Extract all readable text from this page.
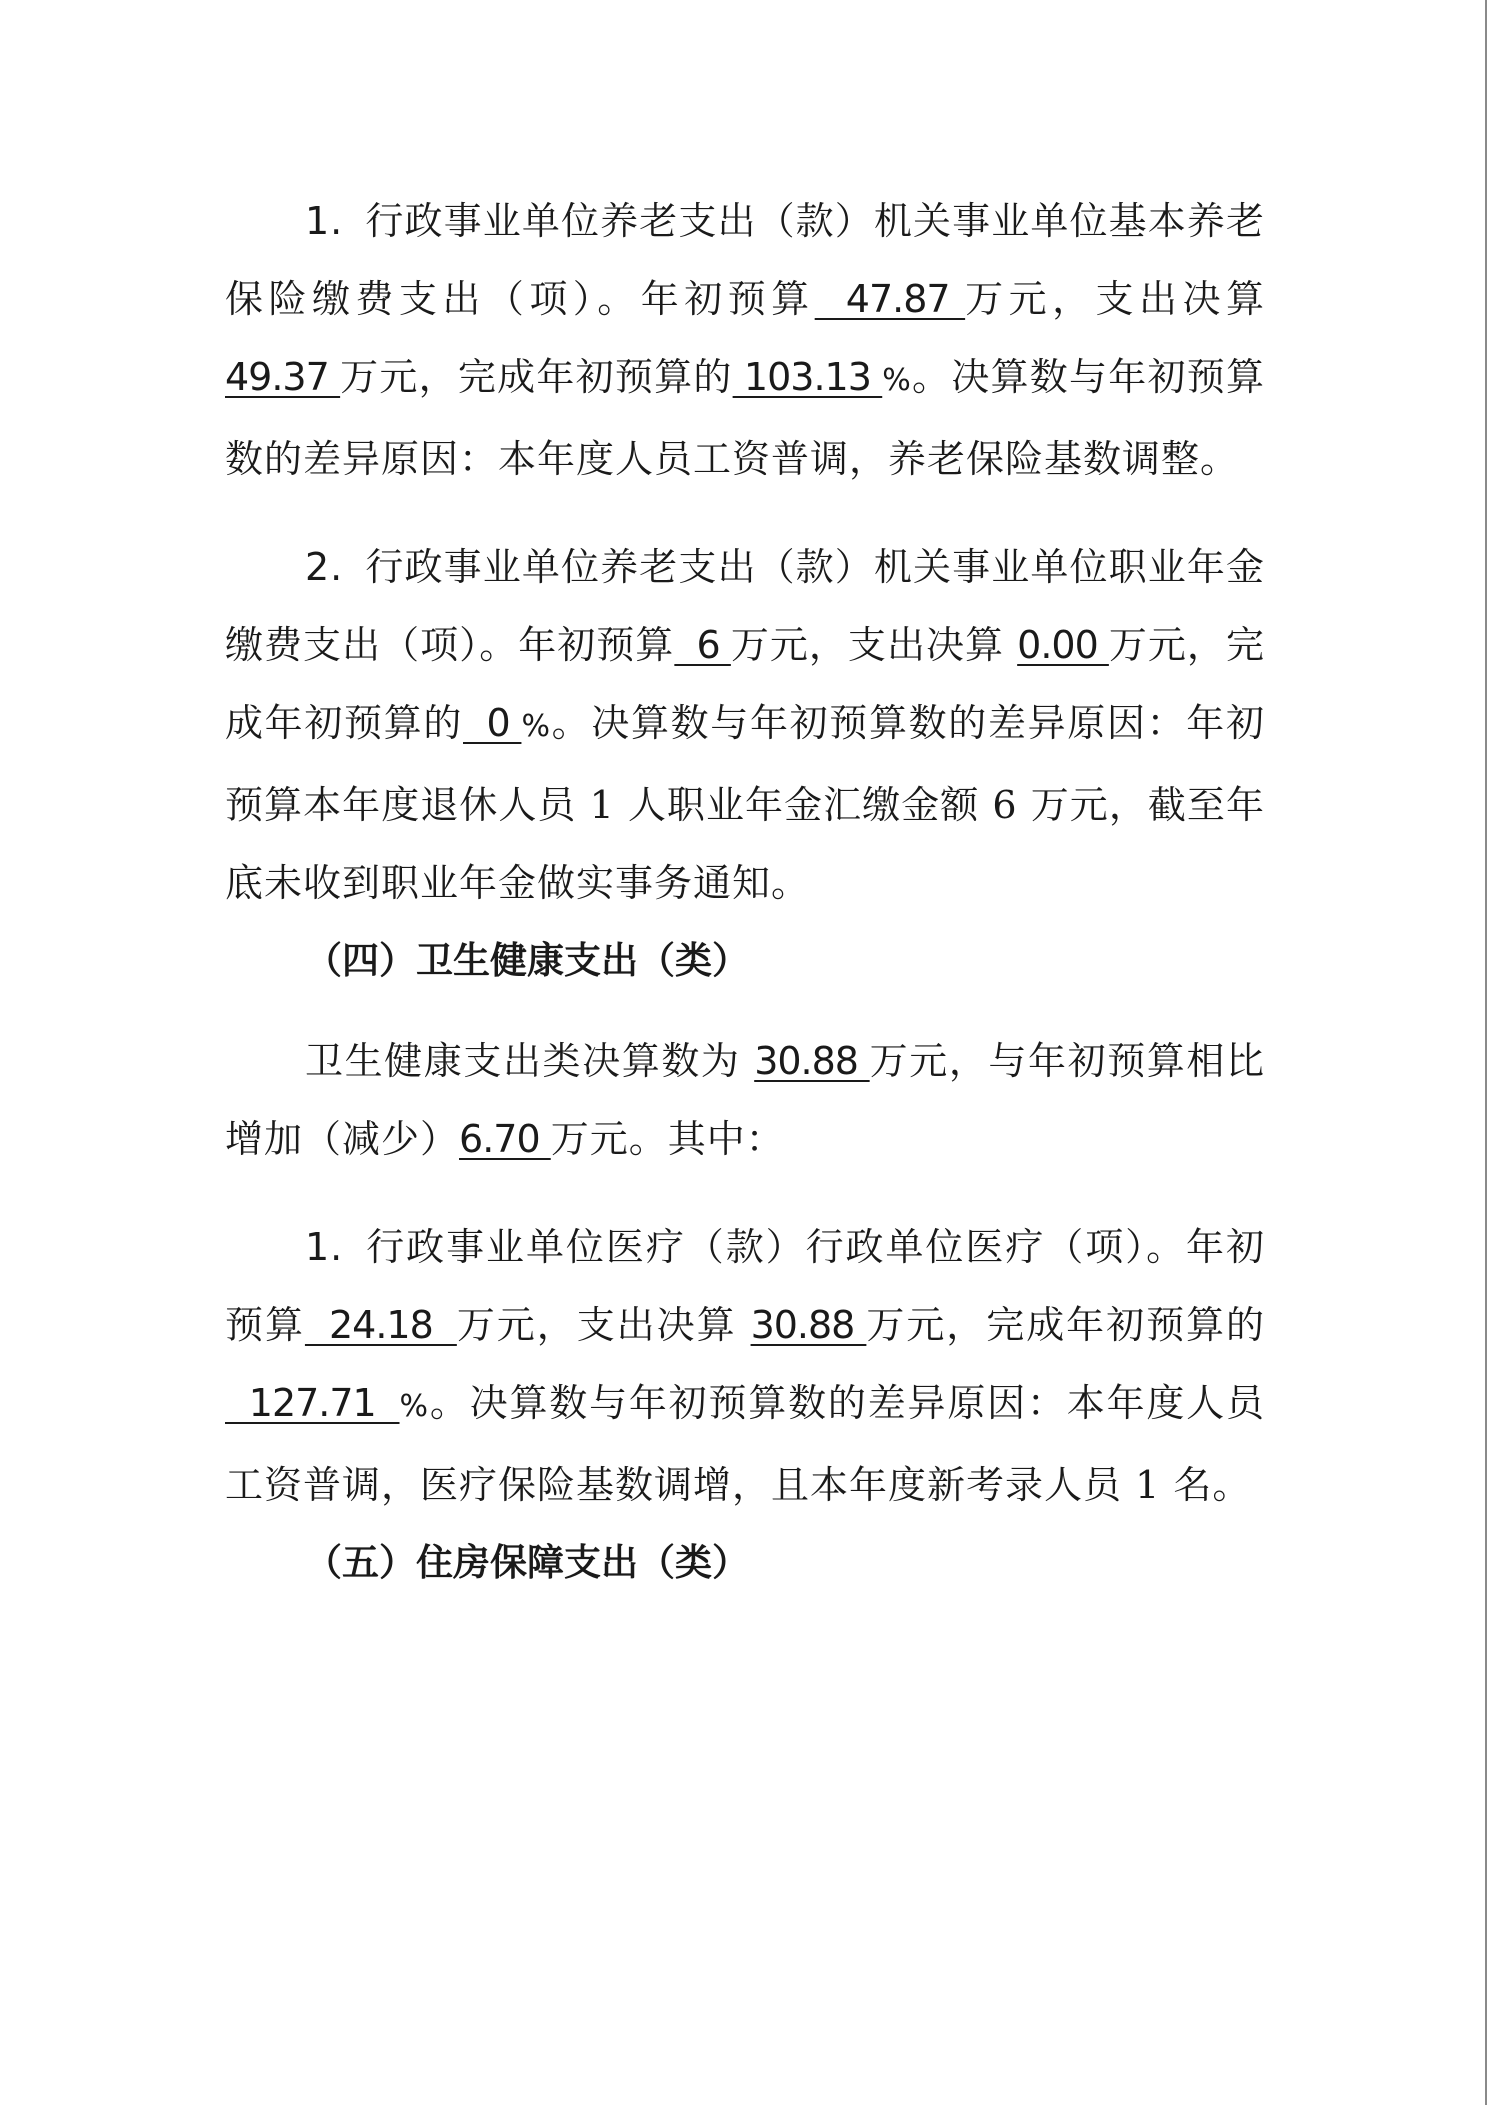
1. 行政事业单位养老支出（款）机关事业单位基本养老保险缴费支出（项）。年初预算  47.87 万元，支出决算49.37 万元，完成年初预算的 103.13 %。决算数与年初预算数的差异原因：本年度人员工资普调，养老保险基数调整。

2. 行政事业单位养老支出（款）机关事业单位职业年金缴费支出（项）。年初预算  6 万元，支出决算 0.00 万元，完成年初预算的  0 %。决算数与年初预算数的差异原因：年初预算本年度退休人员 1 人职业年金汇缴金额 6 万元，截至年底未收到职业年金做实事务通知。

（四）卫生健康支出（类）

卫生健康支出类决算数为 30.88 万元，与年初预算相比增加（减少）6.70 万元。其中：

1. 行政事业单位医疗（款）行政单位医疗（项）。年初预算  24.18  万元，支出决算 30.88 万元，完成年初预算的  127.71  %。决算数与年初预算数的差异原因：本年度人员工资普调，医疗保险基数调增，且本年度新考录人员 1 名。

（五）住房保障支出（类）
